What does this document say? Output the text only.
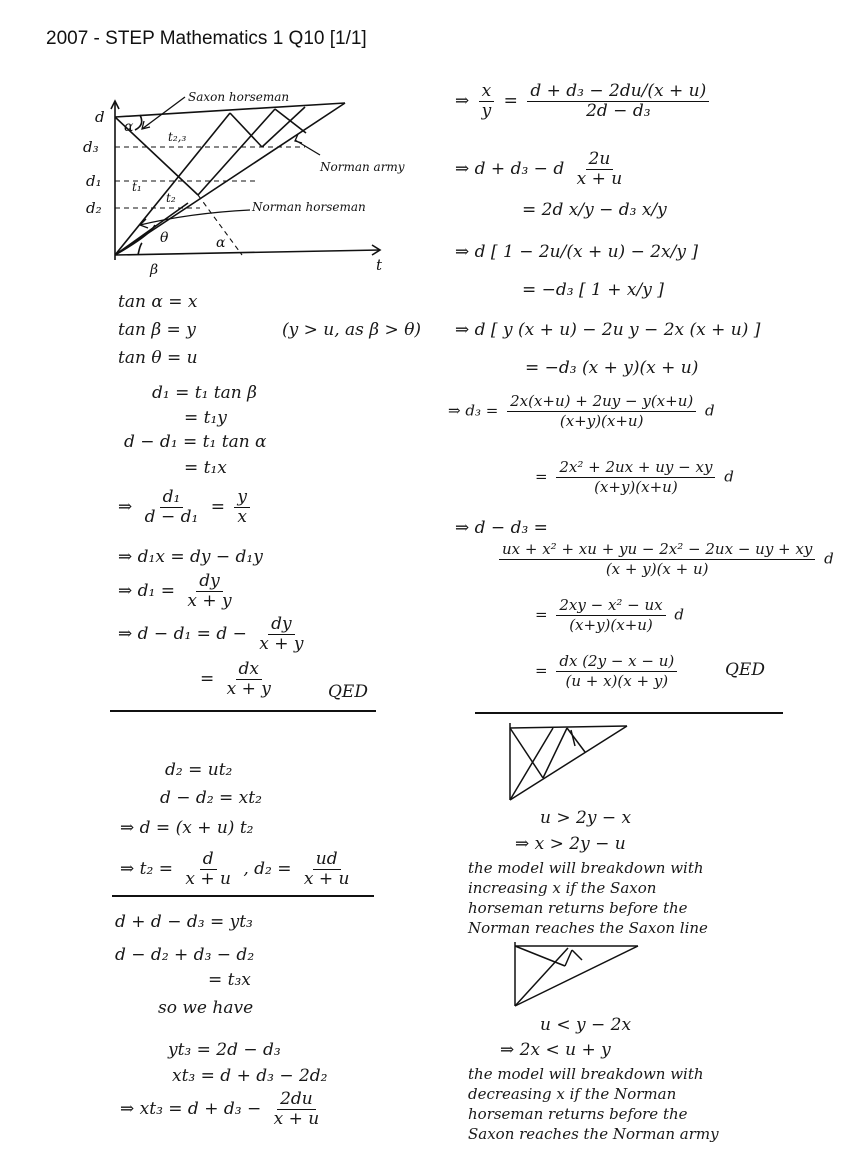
2007 - STEP Mathematics 1 Q10 [1/1]
d
d₃
d₁
d₂
t
α
β
θ	α
t₂,₃
t₁
t₂
Saxon horseman
Norman army
Norman horseman
tan α = x
tan β = y	(y > u, as β > θ)
tan θ = u
d₁ = t₁ tan β
= t₁y
d − d₁ = t₁ tan α
= t₁x
⇒ $\frac{\text{d₁}}{\text{d − d₁}} = \frac{y}{x}$
⇒ d₁x = dy − d₁y
⇒ $d_1 = \frac{dy}{x + y}$
⇒ $d - d_1 = d - \frac{dy}{x + y}$
= $\frac{dx}{x + y}$	QED
d₂ = ut₂
d − d₂ = xt₂
⇒ d = (x + u) t₂
⇒ $t_2 = \frac{d}{x + u}$ , $d_2 = \frac{ud}{x + u}$
d + d − d₃ = yt₃
d − d₂ + d₃ − d₂
= t₃x
so we have
yt₃ = 2d − d₃
xt₃ = d + d₃ − 2d₂
⇒ $xt_3 = d + d_3 - \frac{2du}{x + u}$
⇒ $\frac{x}{y} = \frac{\text{d + d₃ − 2du/(x + u)}}{\text{2d − d₃}}$
⇒ d + d₃ − d $\frac{2u}{x + u}$
= 2d x/y − d₃ x/y
⇒ d [ 1 − 2u/(x + u) − 2x/y ]
= −d₃ [ 1 + x/y ]
⇒ d [ y (x + u) − 2u y − 2x (x + u) ]
= −d₃ (x + y)(x + u)
⇒ $d_3 = \frac{2x(x+u) + 2uy - y(x+u)}{(x+y)(x+u)}$ d
= $\frac{\text{2x² + 2ux + uy − xy}}{(x+y)(x+u)}$ d
⇒ d − d₃ =
$\frac{\text{ux + x² + xu + yu − 2x² − 2ux − uy + xy}}{(x + y)(x + u)}$ d
= $\frac{\text{2xy − x² − ux}}{(x+y)(x+u)}$ d
= $\frac{dx (2y - x - u)}{(u + x)(x + y)}$	QED
u > 2y − x
⇒ x > 2y − u
the model will breakdown with
increasing x if the Saxon
horseman returns before the
Norman reaches the Saxon line
u < y − 2x
⇒ 2x < u + y
the model will breakdown with
decreasing x if the Norman
horseman returns before the
Saxon reaches the Norman army
